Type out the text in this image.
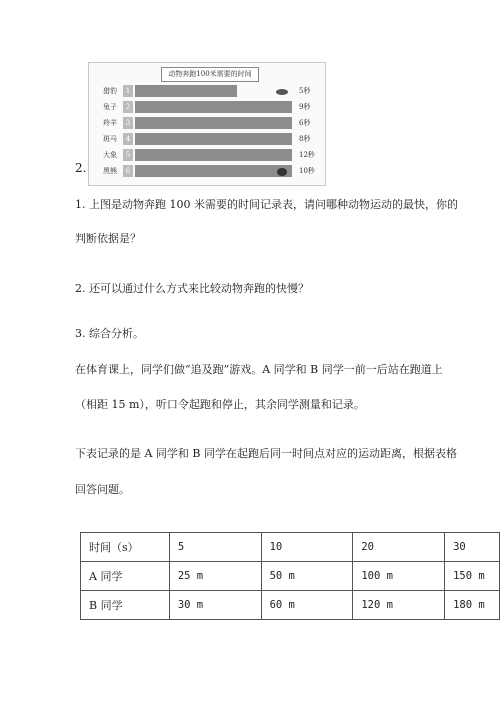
动物奔跑100米需要的时间
猎豹	1	5秒
兔子	2	9秒
羚羊	3	6秒
斑马	4	8秒
大象	5	12秒
黑熊	6	10秒
2.
1. 上图是动物奔跑 100 米需要的时间记录表，请问哪种动物运动的最快，你的
判断依据是？
2. 还可以通过什么方式来比较动物奔跑的快慢？
3. 综合分析。
在体育课上，同学们做“追及跑”游戏。A 同学和 B 同学一前一后站在跑道上
（相距 15 m），听口令起跑和停止，其余同学测量和记录。
下表记录的是 A 同学和 B 同学在起跑后同一时间点对应的运动距离，根据表格
回答问题。
时间（s）	5	10	20	30
A 同学	25 m	50 m	100 m	150 m
B 同学	30 m	60 m	120 m	180 m
